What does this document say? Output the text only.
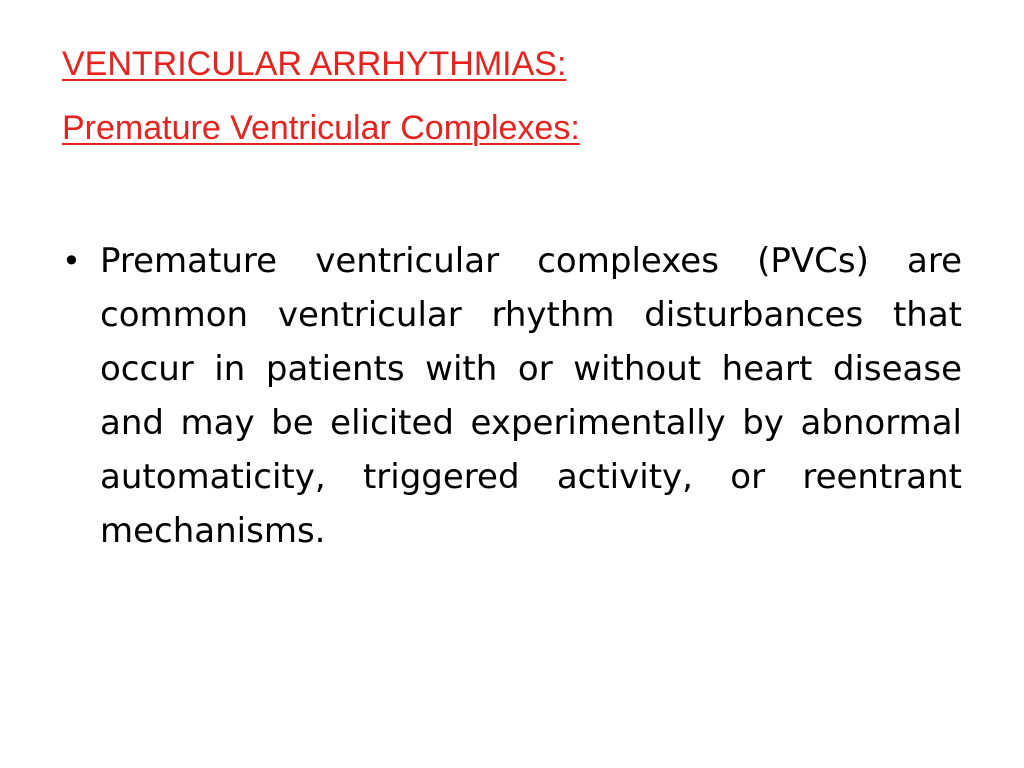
VENTRICULAR ARRHYTHMIAS:
Premature Ventricular Complexes:
• Premature ventricular complexes (PVCs) are common ventricular rhythm disturbances that occur in patients with or without heart disease and may be elicited experimentally by abnormal automaticity, triggered activity, or reentrant mechanisms.
